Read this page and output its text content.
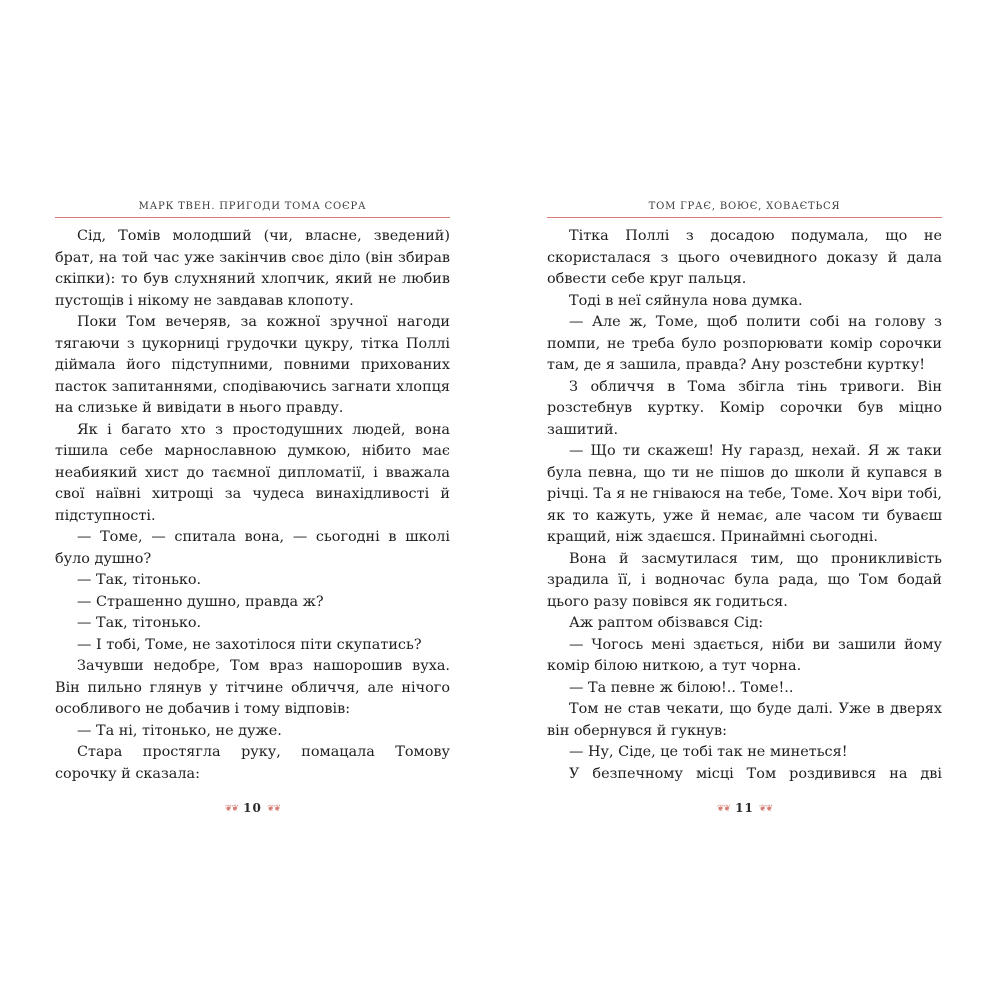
МАРК ТВЕН. ПРИГОДИ ТОМА СОЄРА

Сід, Томів молодший (чи, власне, зведений) брат, на той час уже закінчив своє діло (він збирав скіпки): то був слухняний хлопчик, який не любив пустощів і нікому не завдавав клопоту.

Поки Том вечеряв, за кожної зручної нагоди тягаючи з цукорниці грудочки цукру, тітка Поллі діймала його підступними, повними прихованих пасток запитаннями, сподіваючись загнати хлопця на слизьке й вивідати в нього правду.

Як і багато хто з простодушних людей, вона тішила себе марнославною думкою, нібито має неабиякий хист до таємної дипломатії, і вважала свої наївні хитрощі за чудеса винахідливості й підступності.

— Томе, — спитала вона, — сьогодні в школі було душно?

— Так, тітонько.

— Страшенно душно, правда ж?

— Так, тітонько.

— І тобі, Томе, не захотілося піти скупатись?

Зачувши недобре, Том враз нашорошив вуха. Він пильно глянув у тітчине обличчя, але нічого особливого не добачив і тому відповів:

— Та ні, тітонько, не дуже.

Стара простягла руку, помацала Томову сорочку й сказала:

❦❦ 10 ❦❦
ТОМ ГРАЄ, ВОЮЄ, ХОВАЄТЬСЯ

Тітка Поллі з досадою подумала, що не скористалася з цього очевидного доказу й дала обвести себе круг пальця.

Тоді в неї сяйнула нова думка.

— Але ж, Томе, щоб полити собі на голову з помпи, не треба було розпорювати комір сорочки там, де я зашила, правда? Ану розстебни куртку!

З обличчя в Тома збігла тінь тривоги. Він розстебнув куртку. Комір сорочки був міцно зашитий.

— Що ти скажеш! Ну гаразд, нехай. Я ж таки була певна, що ти не пішов до школи й купався в річці. Та я не гніваюся на тебе, Томе. Хоч віри тобі, як то кажуть, уже й немає, але часом ти буваєш кращий, ніж здаєшся. Принаймні сьогодні.

Вона й засмутилася тим, що проникливість зрадила її, і водночас була рада, що Том бодай цього разу повівся як годиться.

Аж раптом обізвався Сід:

— Чогось мені здається, ніби ви зашили йому комір білою ниткою, а тут чорна.

— Та певне ж білою!.. Томе!..

Том не став чекати, що буде далі. Уже в дверях він обернувся й гукнув:

— Ну, Сіде, це тобі так не минеться!

У безпечному місці Том роздивився на дві

❦❦ 11 ❦❦
